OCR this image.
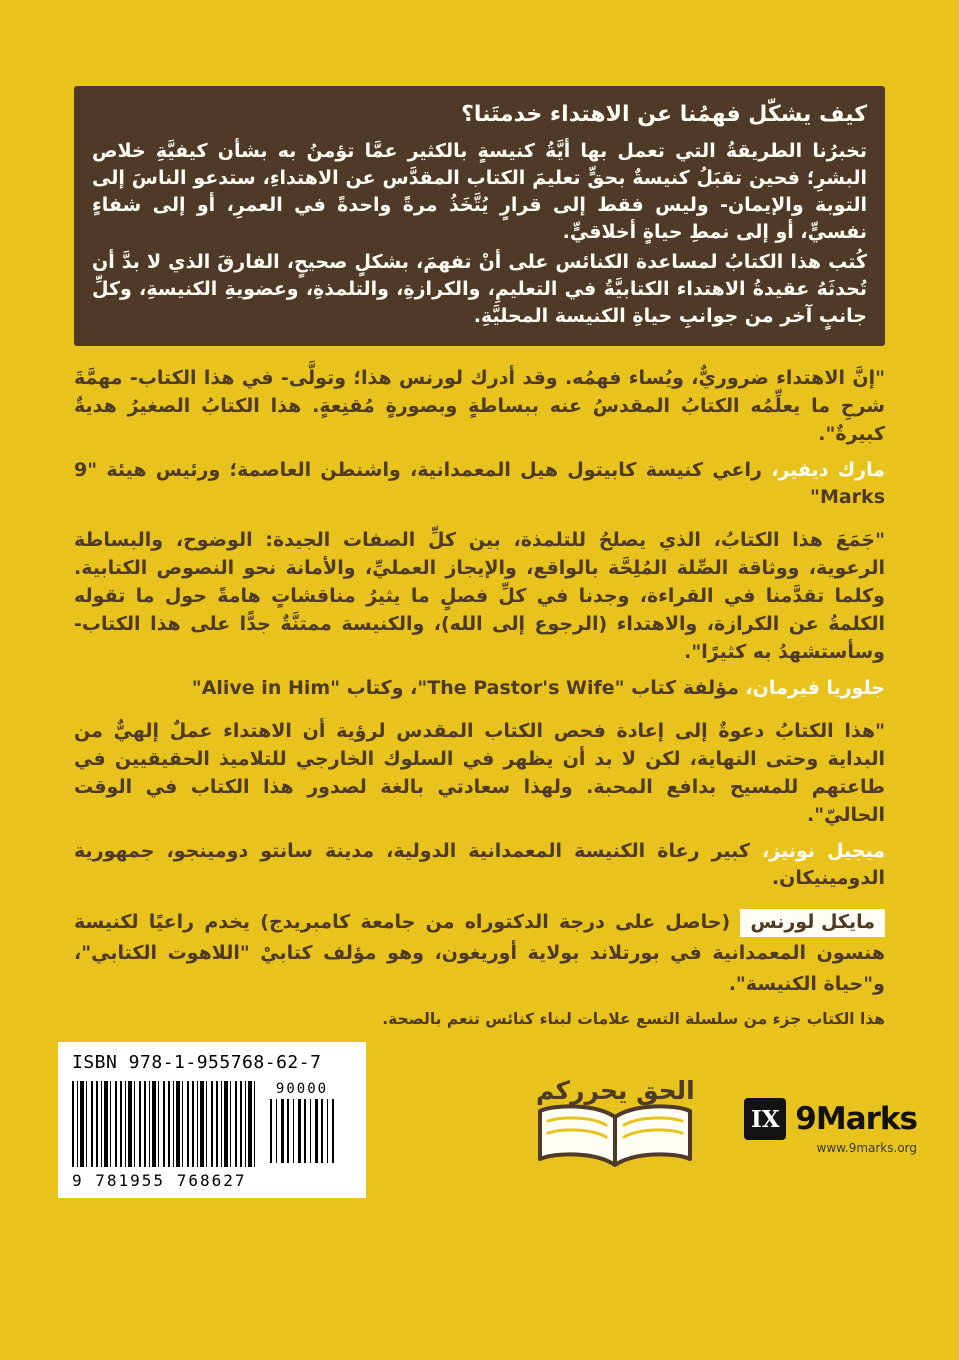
كيف يشكّل فهمُنا عن الاهتداء خدمتَنا؟

تخبرُنا الطريقةُ التي تعمل بها أيَّةُ كنيسةٍ بالكثير عمَّا تؤمنُ به بشأن كيفيَّةِ خلاص البشرِ؛ فحين تقبَلُ كنيسةٌ بحقٍّ تعليمَ الكتاب المقدَّس عن الاهتداءِ، ستدعو الناسَ إلى التوبة والإيمان- وليس فقط إلى قرارٍ يُتَّخَذُ مرةً واحدةً في العمرِ، أو إلى شفاءٍ نفسيٍّ، أو إلى نمطِ حياةٍ أخلاقيٍّ.

كُتب هذا الكتابُ لمساعدة الكنائس على أنْ تفهمَ، بشكلٍ صحيحٍ، الفارقَ الذي لا بدَّ أن تُحدثَهُ عقيدةُ الاهتداء الكتابيَّةُ في التعليمِ، والكرازةِ، والتلمذةِ، وعضويةِ الكنيسةِ، وكلِّ جانبٍ آخر من جوانبِ حياةِ الكنيسة المحليَّةِ.

"إنَّ الاهتداء ضروريٌّ، ويُساء فهمُه. وقد أدرك لورنس هذا؛ وتولَّى- في هذا الكتاب- مهمَّةَ شرحِ ما يعلِّمُه الكتابُ المقدسُ عنه ببساطةٍ وبصورةٍ مُقنِعةٍ. هذا الكتابُ الصغيرُ هديةٌ كبيرةٌ".

مارك ديفير، راعي كنيسة كابيتول هيل المعمدانية، واشنطن العاصمة؛ ورئيس هيئة "9 Marks"

"جَمَعَ هذا الكتابُ، الذي يصلحُ للتلمذة، بين كلِّ الصفات الجيدة: الوضوح، والبساطة الرعوية، ووثاقة الصِّلة المُلِحَّة بالواقع، والإيجاز العمليِّ، والأمانة نحو النصوص الكتابية. وكلما تقدَّمنا في القراءة، وجدنا في كلِّ فصلٍ ما يثيرُ مناقشاتٍ هامةً حول ما تقوله الكلمةُ عن الكرازة، والاهتداء (الرجوع إلى الله)، والكنيسة ممتنَّةٌ جدًّا على هذا الكتاب- وسأستشهدُ به كثيرًا".

جلوريا فيرمان، مؤلفة كتاب "The Pastor's Wife"، وكتاب "Alive in Him"

"هذا الكتابُ دعوةٌ إلى إعادة فحص الكتاب المقدس لرؤية أن الاهتداء عملٌ إلهيٌّ من البداية وحتى النهاية، لكن لا بد أن يظهر في السلوك الخارجي للتلاميذ الحقيقيين في طاعتهم للمسيح بدافع المحبة. ولهذا سعادتي بالغة لصدور هذا الكتاب في الوقت الحاليّ".

ميجيل نونيز، كبير رعاة الكنيسة المعمدانية الدولية، مدينة سانتو دومينجو، جمهورية الدومينيكان.

مايكل لورنس (حاصل على درجة الدكتوراه من جامعة كامبريدج) يخدم راعيًا لكنيسة هنسون المعمدانية في بورتلاند بولاية أوريغون، وهو مؤلف كتابيْ "اللاهوت الكتابي"، و"حياة الكنيسة".

هذا الكتاب جزء من سلسلة التسع علامات لبناء كنائس تنعم بالصحة.

ISBN 978-1-955768-62-7
9 781955 768627
90000	الحق يحرركم
IX 9Marks
www.9marks.org
